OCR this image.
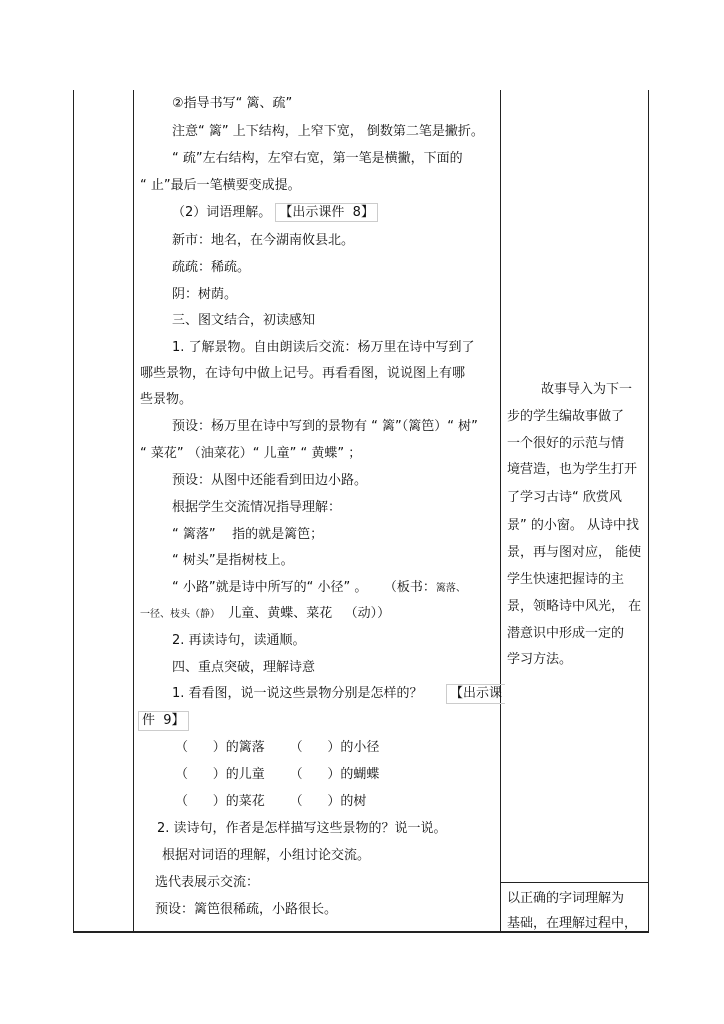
②指导书写“ 篱、疏”
注意“ 篱” 上下结构，上窄下宽， 倒数第二笔是撇折。
“ 疏”左右结构，左窄右宽，第一笔是横撇，下面的
“ 止”最后一笔横要变成提。
（2）词语理解。 【出示课件  8】
新市：地名，在今湖南攸县北。
疏疏：稀疏。
阴：树荫。
三、图文结合，初读感知
1. 了解景物。自由朗读后交流：杨万里在诗中写到了
哪些景物，在诗句中做上记号。再看看图，说说图上有哪
些景物。
预设：杨万里在诗中写到的景物有 “ 篱”（篱笆）“ 树”
“ 菜花” （油菜花）“ 儿童” “ 黄蝶” ；
预设：从图中还能看到田边小路。
根据学生交流情况指导理解：
“ 篱落”    指的就是篱笆；
“ 树头”是指树枝上。
“ 小路”就是诗中所写的“ 小径” 。    （板书：篱落、
一径、枝头（静）  儿童、黄蝶、菜花   （动））
2. 再读诗句，读通顺。
四、重点突破，理解诗意
1. 看看图，说一说这些景物分别是怎样的？	【出示课
件  9】
（      ）的篱落      （      ）的小径
（      ）的儿童      （      ）的蝴蝶
（      ）的菜花      （      ）的树
2. 读诗句，作者是怎样描写这些景物的？说一说。
根据对词语的理解，小组讨论交流。
选代表展示交流：
预设：篱笆很稀疏，小路很长。
故事导入为下一
步的学生编故事做了
一个很好的示范与情
境营造，也为学生打开
了学习古诗“ 欣赏风
景” 的小窗。 从诗中找
景，再与图对应， 能使
学生快速把握诗的主
景，领略诗中风光， 在
潜意识中形成一定的
学习方法。
以正确的字词理解为
基础，在理解过程中，
